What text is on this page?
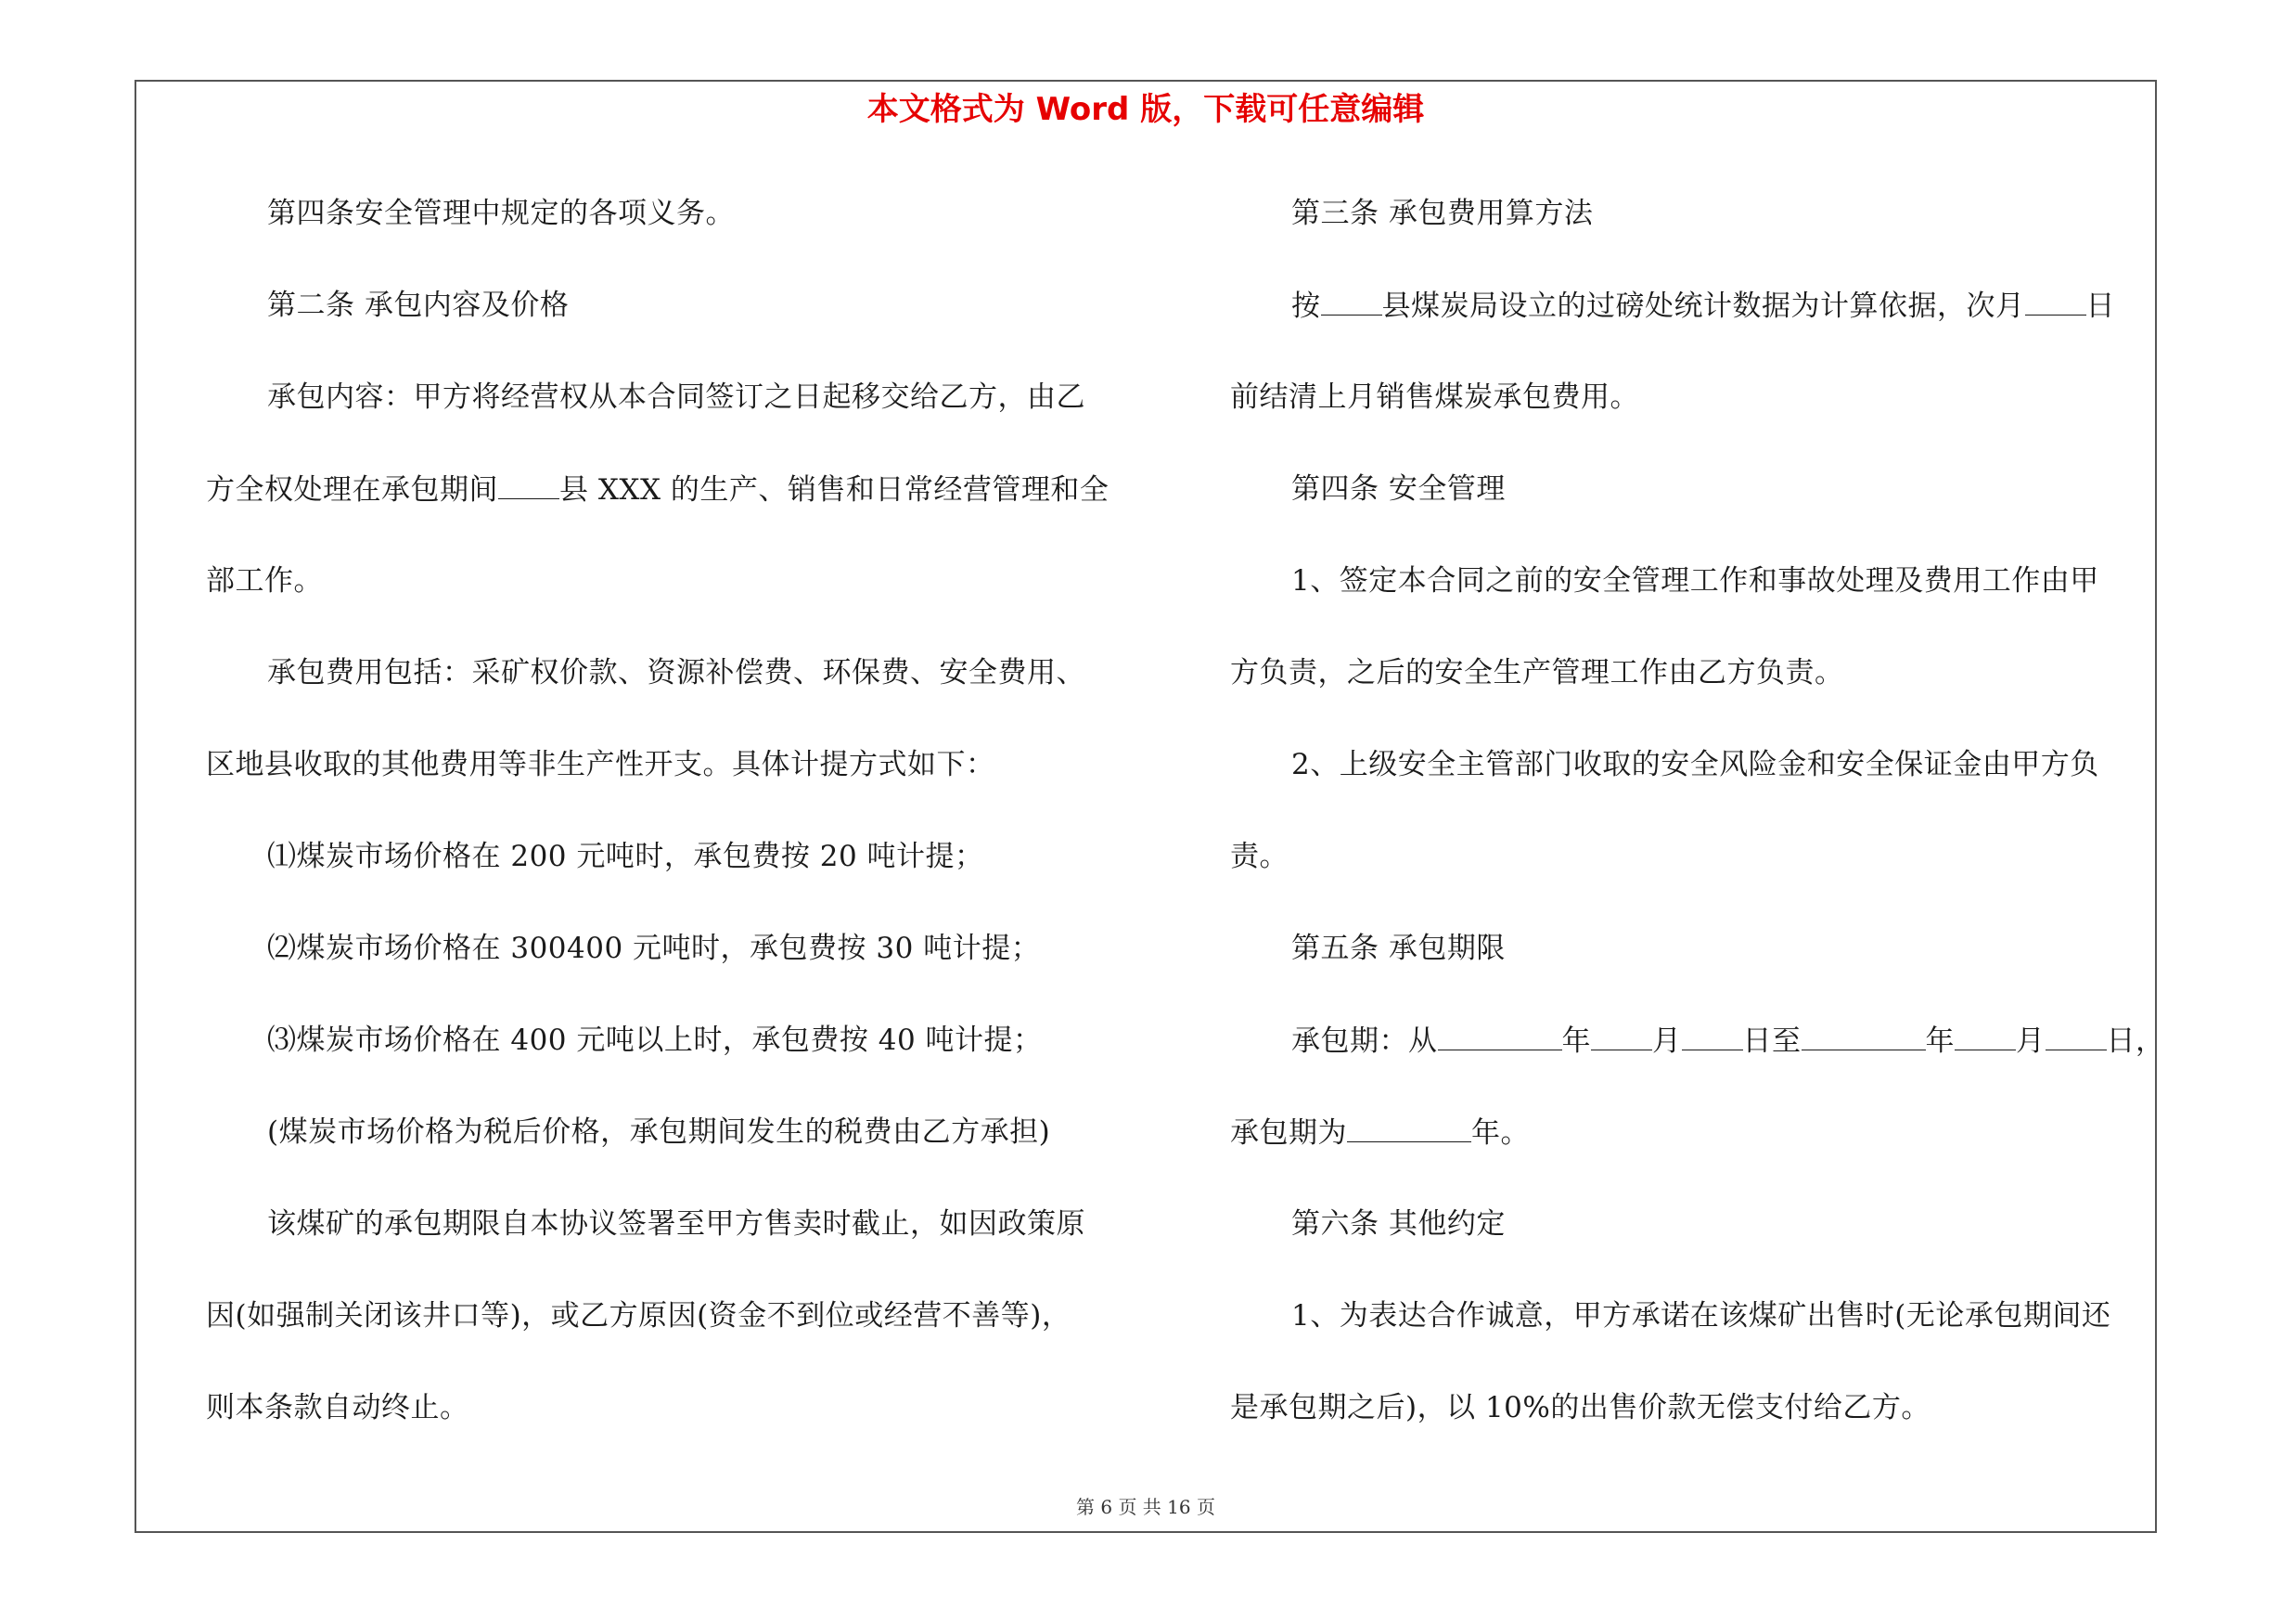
本文格式为 Word 版，下载可任意编辑
第四条安全管理中规定的各项义务。
第二条 承包内容及价格
承包内容：甲方将经营权从本合同签订之日起移交给乙方，由乙
方全权处理在承包期间 县 XXX 的生产、销售和日常经营管理和全
部工作。
承包费用包括：采矿权价款、资源补偿费、环保费、安全费用、
区地县收取的其他费用等非生产性开支。具体计提方式如下：
⑴煤炭市场价格在 200 元吨时，承包费按 20 吨计提；
⑵煤炭市场价格在 300400 元吨时，承包费按 30 吨计提；
⑶煤炭市场价格在 400 元吨以上时，承包费按 40 吨计提；
(煤炭市场价格为税后价格，承包期间发生的税费由乙方承担)
该煤矿的承包期限自本协议签署至甲方售卖时截止，如因政策原
因(如强制关闭该井口等)，或乙方原因(资金不到位或经营不善等)，
则本条款自动终止。
第三条 承包费用算方法
按 县煤炭局设立的过磅处统计数据为计算依据，次月 日
前结清上月销售煤炭承包费用。
第四条 安全管理
1、签定本合同之前的安全管理工作和事故处理及费用工作由甲
方负责，之后的安全生产管理工作由乙方负责。
2、上级安全主管部门收取的安全风险金和安全保证金由甲方负
责。
第五条 承包期限
承包期：从	年 月 日至	年 月 日，
承包期为	年。
第六条 其他约定
1、为表达合作诚意，甲方承诺在该煤矿出售时(无论承包期间还
是承包期之后)，以 10%的出售价款无偿支付给乙方。
第 6 页 共 16 页
